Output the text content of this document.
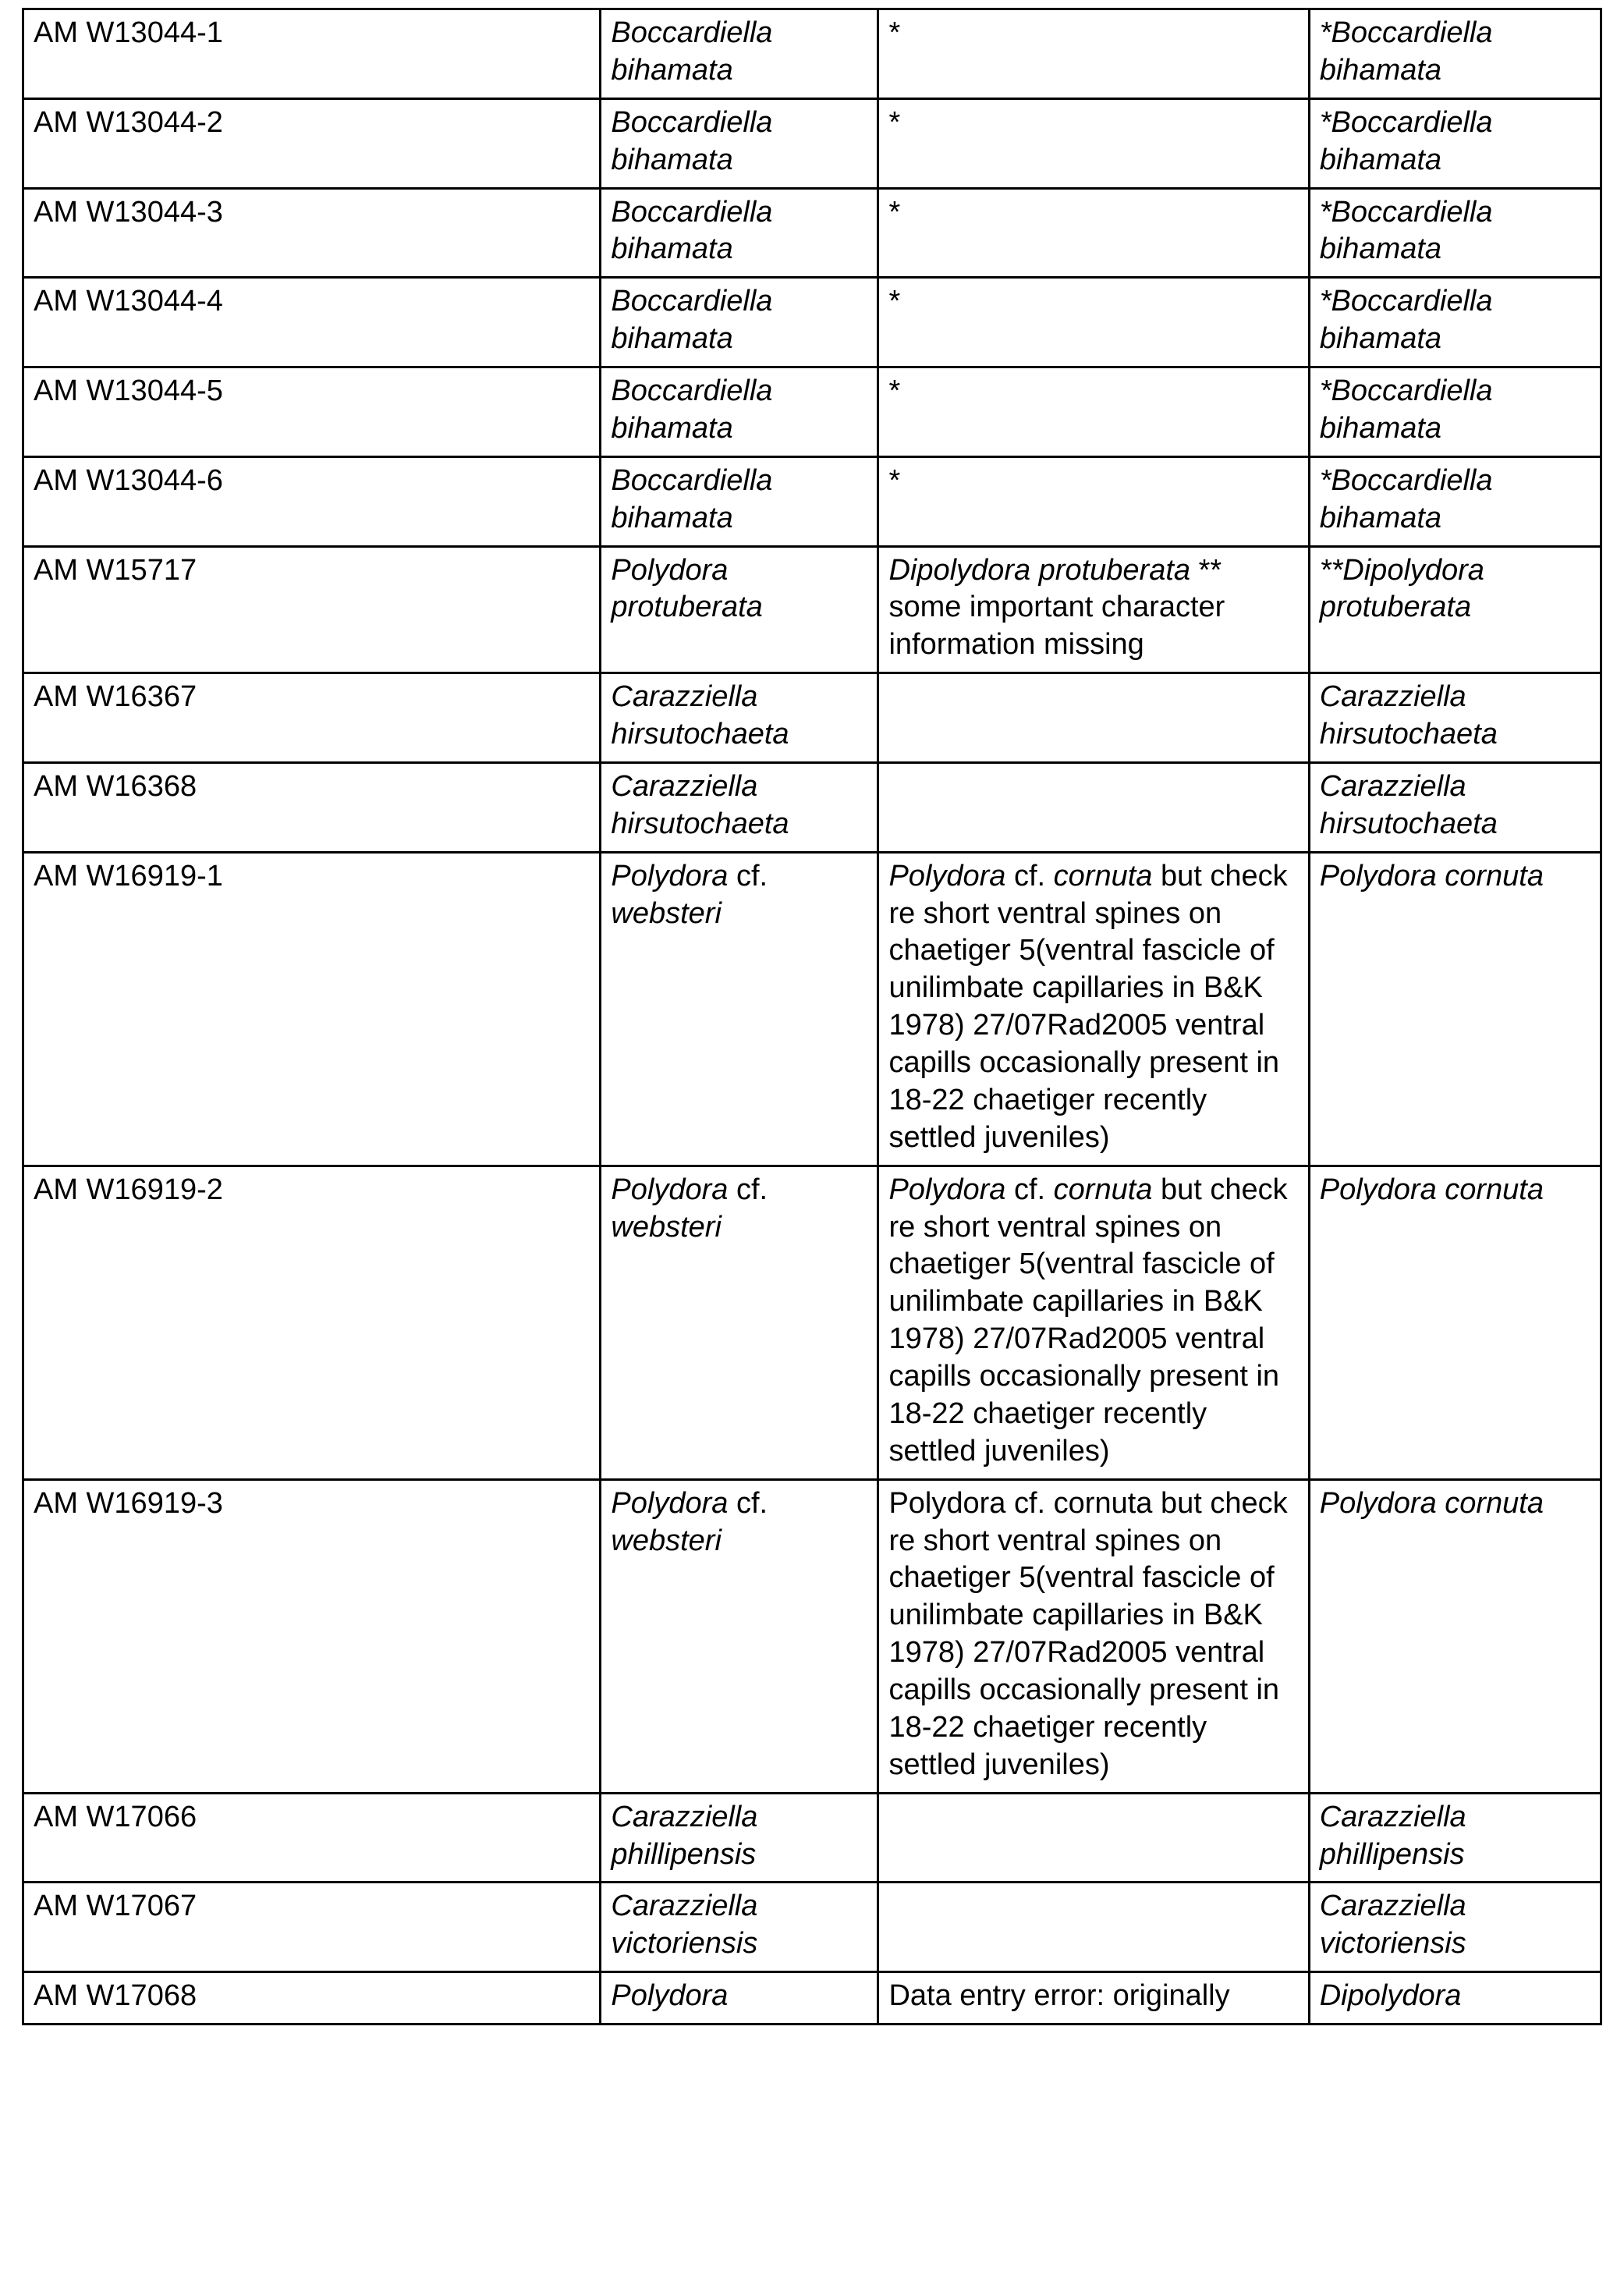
AM W13044-1	Boccardiella bihamata	*	*Boccardiella bihamata
AM W13044-2	Boccardiella bihamata	*	*Boccardiella bihamata
AM W13044-3	Boccardiella bihamata	*	*Boccardiella bihamata
AM W13044-4	Boccardiella bihamata	*	*Boccardiella bihamata
AM W13044-5	Boccardiella bihamata	*	*Boccardiella bihamata
AM W13044-6	Boccardiella bihamata	*	*Boccardiella bihamata
AM W15717	Polydora protuberata	Dipolydora protuberata ** some important character information missing	**Dipolydora protuberata
AM W16367	Carazziella hirsutochaeta		Carazziella hirsutochaeta
AM W16368	Carazziella hirsutochaeta		Carazziella hirsutochaeta
AM W16919-1	Polydora cf. websteri	Polydora cf. cornuta but check re short ventral spines on chaetiger 5(ventral fascicle of unilimbate capillaries in B&K 1978) 27/07Rad2005 ventral capills occasionally present in 18-22 chaetiger recently settled juveniles)	Polydora cornuta
AM W16919-2	Polydora cf. websteri	Polydora cf. cornuta but check re short ventral spines on chaetiger 5(ventral fascicle of unilimbate capillaries in B&K 1978) 27/07Rad2005 ventral capills occasionally present in 18-22 chaetiger recently settled juveniles)	Polydora cornuta
AM W16919-3	Polydora cf. websteri	Polydora cf. cornuta but check re short ventral spines on chaetiger 5(ventral fascicle of unilimbate capillaries in B&K 1978) 27/07Rad2005 ventral capills occasionally present in 18-22 chaetiger recently settled juveniles)	Polydora cornuta
AM W17066	Carazziella phillipensis		Carazziella phillipensis
AM W17067	Carazziella victoriensis		Carazziella victoriensis
AM W17068	Polydora	Data entry error: originally	Dipolydora
